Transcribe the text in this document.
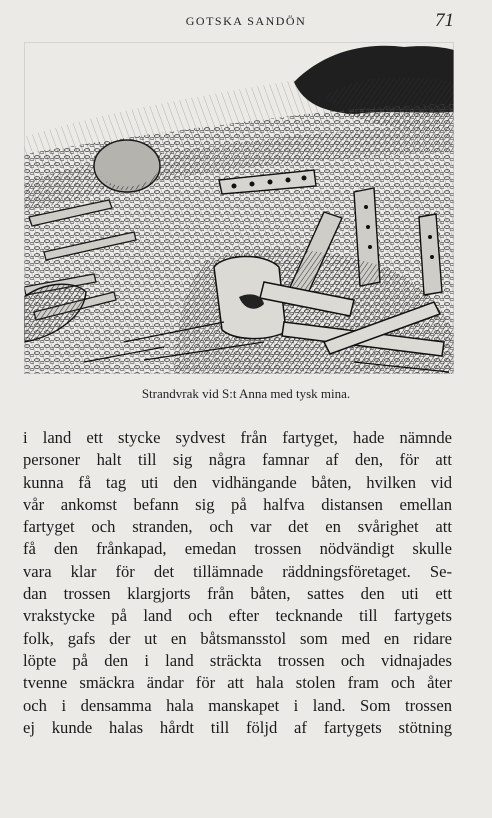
GOTSKA SANDÖN	71
Strandvrak vid S:t Anna med tysk mina.
i land ett stycke sydvest från fartyget, hade nämnde
personer halt till sig några famnar af den, för att
kunna få tag uti den vidhängande båten, hvilken vid
vår ankomst befann sig på halfva distansen emellan
fartyget och stranden, och var det en svårighet att
få den frånkapad, emedan trossen nödvändigt skulle
vara klar för det tillämnade räddningsföretaget. Se-
dan trossen klargjorts från båten, sattes den uti ett
vrakstycke på land och efter tecknande till fartygets
folk, gafs der ut en båtsmansstol som med en ridare
löpte på den i land sträckta trossen och vidnajades
tvenne smäckra ändar för att hala stolen fram och åter
och i densamma hala manskapet i land. Som trossen
ej kunde halas hårdt till följd af fartygets stötning
